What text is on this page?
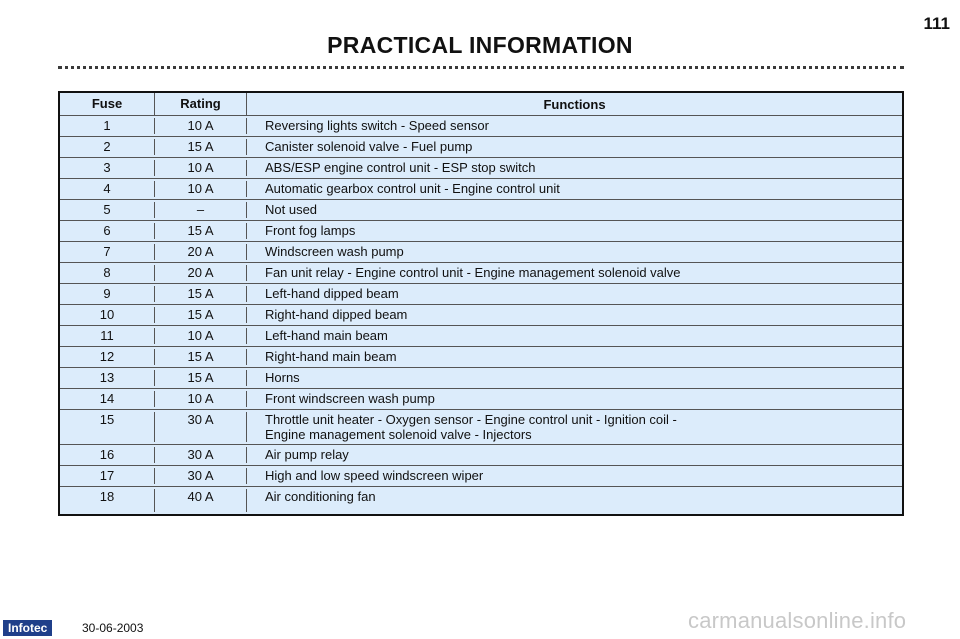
111
PRACTICAL INFORMATION
Fuse	Rating	Functions
1	10 A	Reversing lights switch - Speed sensor
2	15 A	Canister solenoid valve - Fuel pump
3	10 A	ABS/ESP engine control unit - ESP stop switch
4	10 A	Automatic gearbox control unit - Engine control unit
5	–	Not used
6	15 A	Front fog lamps
7	20 A	Windscreen wash pump
8	20 A	Fan unit relay - Engine control unit - Engine management solenoid valve
9	15 A	Left-hand dipped beam
10	15 A	Right-hand dipped beam
11	10 A	Left-hand main beam
12	15 A	Right-hand main beam
13	15 A	Horns
14	10 A	Front windscreen wash pump
15	30 A	Throttle unit heater - Oxygen sensor - Engine control unit - Ignition coil -
Engine management solenoid valve - Injectors
16	30 A	Air pump relay
17	30 A	High and low speed windscreen wiper
18	40 A	Air conditioning fan
Infotec	30-06-2003	carmanualsonline.info
